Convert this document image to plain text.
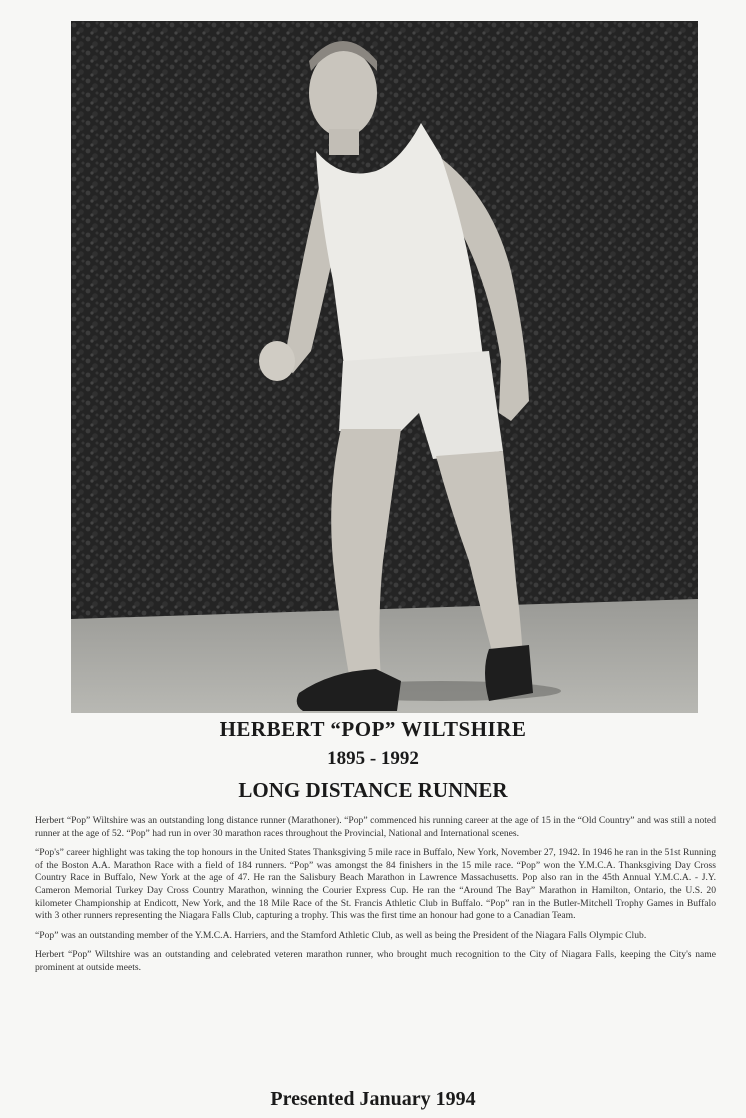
HERBERT “POP” WILTSHIRE
1895 - 1992
LONG DISTANCE RUNNER

Herbert “Pop” Wiltshire was an outstanding long distance runner (Marathoner). “Pop” commenced his running career at the age of 15 in the “Old Country” and was still a noted runner at the age of 52. “Pop” had run in over 30 marathon races throughout the Provincial, National and International scenes.

“Pop's” career highlight was taking the top honours in the United States Thanksgiving 5 mile race in Buffalo, New York, November 27, 1942. In 1946 he ran in the 51st Running of the Boston A.A. Marathon Race with a field of 184 runners. “Pop” was amongst the 84 finishers in the 15 mile race. “Pop” won the Y.M.C.A. Thanksgiving Day Cross Country Race in Buffalo, New York at the age of 47. He ran the Salisbury Beach Marathon in Lawrence Massachusetts. Pop also ran in the 45th Annual Y.M.C.A. - J.Y. Cameron Memorial Turkey Day Cross Country Marathon, winning the Courier Express Cup. He ran the “Around The Bay” Marathon in Hamilton, Ontario, the U.S. 20 kilometer Championship at Endicott, New York, and the 18 Mile Race of the St. Francis Athletic Club in Buffalo. “Pop” ran in the Butler-Mitchell Trophy Games in Buffalo with 3 other runners representing the Niagara Falls Club, capturing a trophy. This was the first time an honour had gone to a Canadian Team.

“Pop” was an outstanding member of the Y.M.C.A. Harriers, and the Stamford Athletic Club, as well as being the President of the Niagara Falls Olympic Club.

Herbert “Pop” Wiltshire was an outstanding and celebrated veteren marathon runner, who brought much recognition to the City of Niagara Falls, keeping the City's name prominent at outside meets.

Presented January 1994
